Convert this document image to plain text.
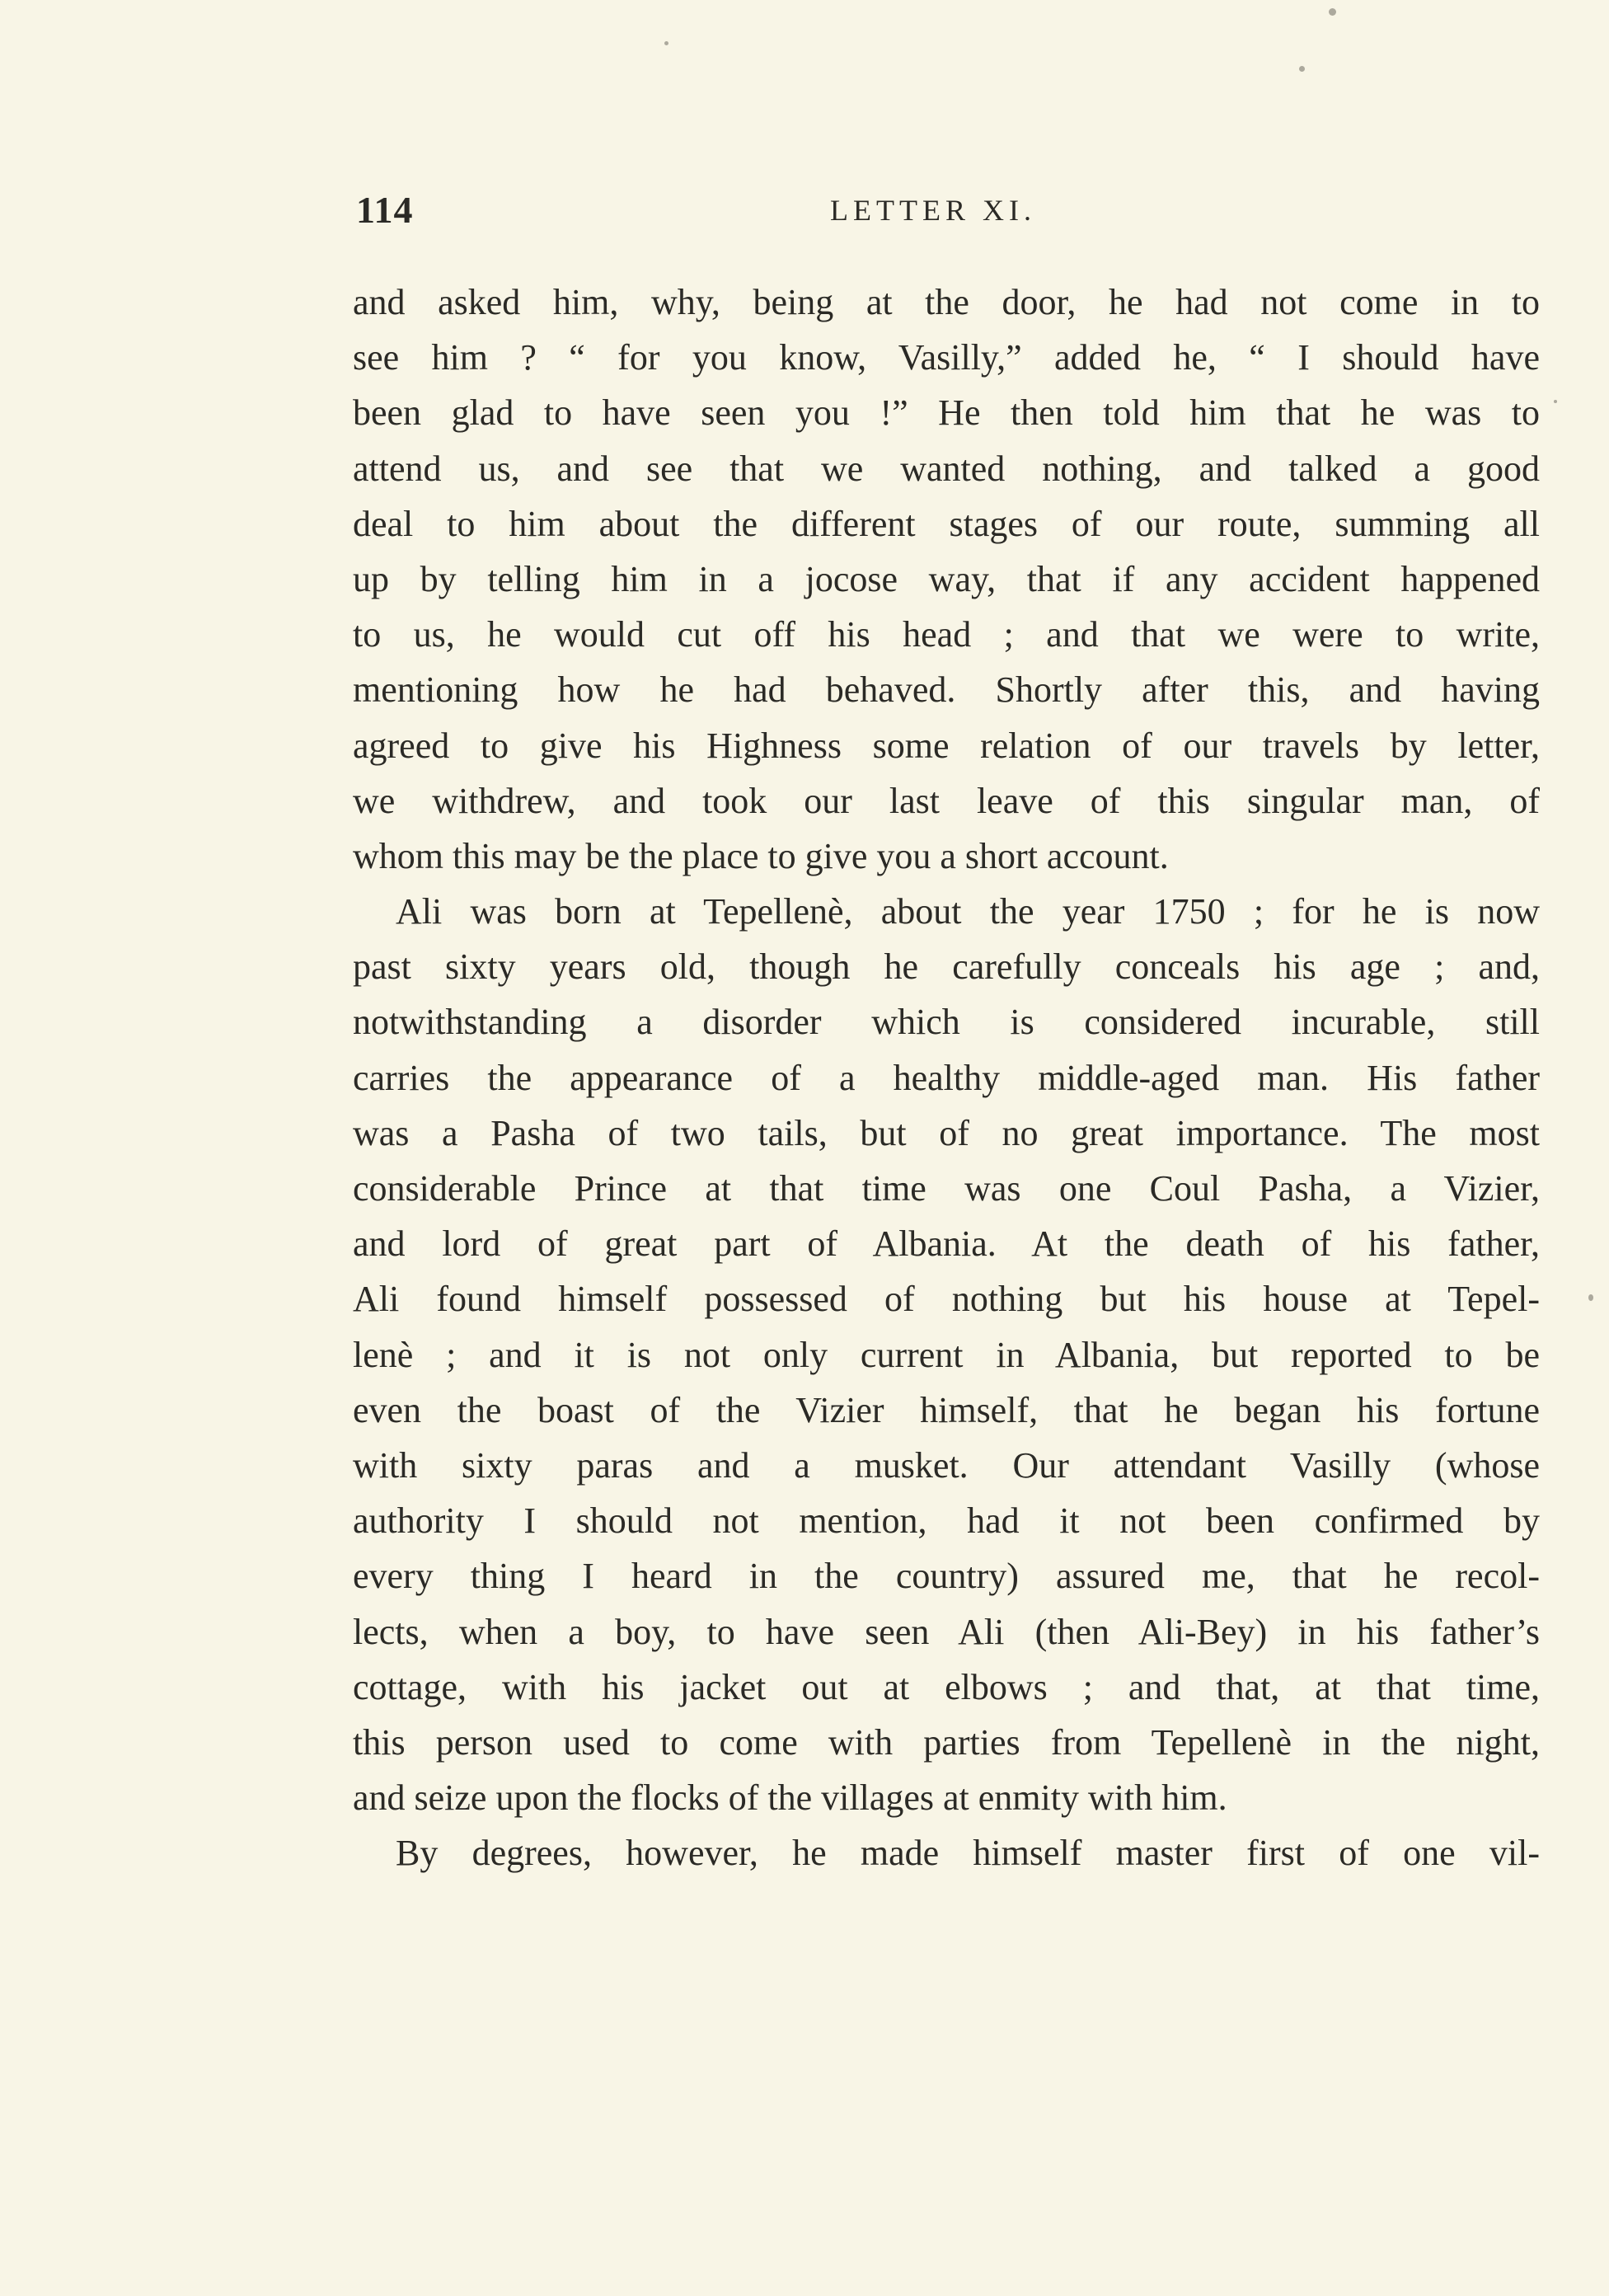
114	LETTER XI.
and asked him, why, being at the door, he had not come in to
see him ? “ for you know, Vasilly,” added he, “ I should have
been glad to have seen you !” He then told him that he was to
attend us, and see that we wanted nothing, and talked a good
deal to him about the different stages of our route, summing all
up by telling him in a jocose way, that if any accident happened
to us, he would cut off his head ; and that we were to write,
mentioning how he had behaved. Shortly after this, and having
agreed to give his Highness some relation of our travels by letter,
we withdrew, and took our last leave of this singular man, of
whom this may be the place to give you a short account.
Ali was born at Tepellenè, about the year 1750 ; for he is now
past sixty years old, though he carefully conceals his age ; and,
notwithstanding a disorder which is considered incurable, still
carries the appearance of a healthy middle-aged man. His father
was a Pasha of two tails, but of no great importance. The most
considerable Prince at that time was one Coul Pasha, a Vizier,
and lord of great part of Albania. At the death of his father,
Ali found himself possessed of nothing but his house at Tepel-
lenè ; and it is not only current in Albania, but reported to be
even the boast of the Vizier himself, that he began his fortune
with sixty paras and a musket. Our attendant Vasilly (whose
authority I should not mention, had it not been confirmed by
every thing I heard in the country) assured me, that he recol-
lects, when a boy, to have seen Ali (then Ali-Bey) in his father’s
cottage, with his jacket out at elbows ; and that, at that time,
this person used to come with parties from Tepellenè in the night,
and seize upon the flocks of the villages at enmity with him.
By degrees, however, he made himself master first of one vil-
